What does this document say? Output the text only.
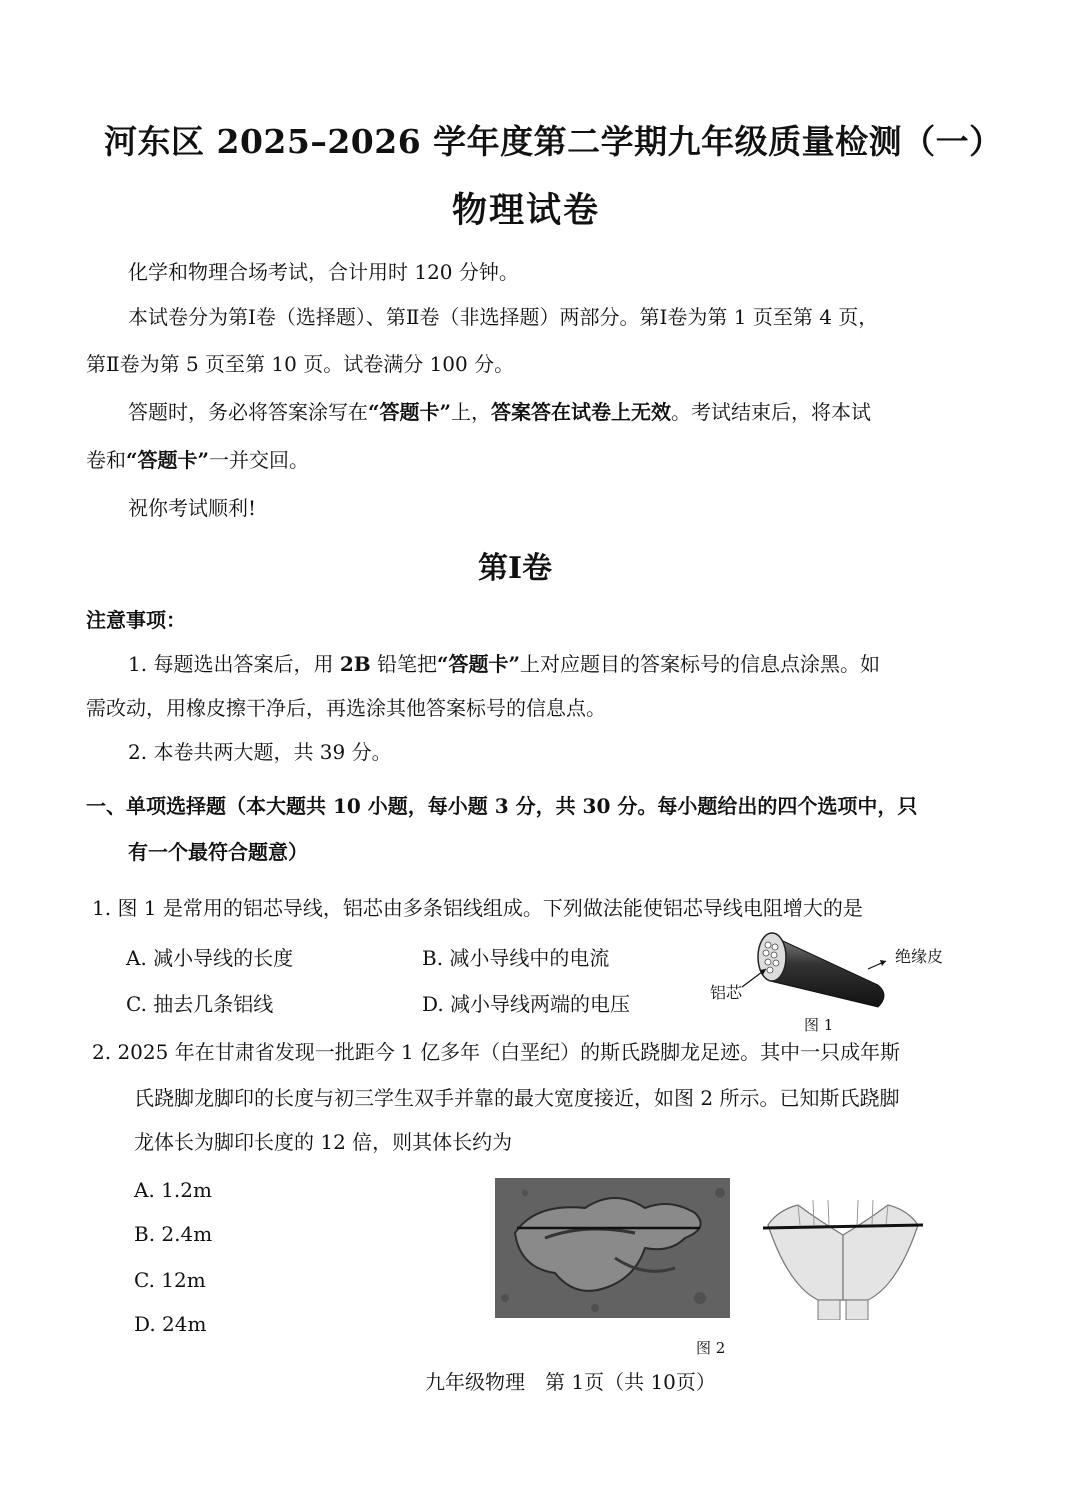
河东区 2025–2026 学年度第二学期九年级质量检测（一）
物理试卷
化学和物理合场考试，合计用时 120 分钟。
本试卷分为第Ⅰ卷（选择题）、第Ⅱ卷（非选择题）两部分。第Ⅰ卷为第 1 页至第 4 页，
第Ⅱ卷为第 5 页至第 10 页。试卷满分 100 分。
答题时，务必将答案涂写在“答题卡”上，答案答在试卷上无效。考试结束后，将本试
卷和“答题卡”一并交回。
祝你考试顺利!
第Ⅰ卷
注意事项：
1. 每题选出答案后，用 2B 铅笔把“答题卡”上对应题目的答案标号的信息点涂黑。如
需改动，用橡皮擦干净后，再选涂其他答案标号的信息点。
2. 本卷共两大题，共 39 分。
一、单项选择题（本大题共 10 小题，每小题 3 分，共 30 分。每小题给出的四个选项中，只
有一个最符合题意）
1. 图 1 是常用的铝芯导线，铝芯由多条铝线组成。下列做法能使铝芯导线电阻增大的是
A. 减小导线的长度	B. 减小导线中的电流
C. 抽去几条铝线	D. 减小导线两端的电压
绝缘皮
铝芯
图 1
2. 2025 年在甘肃省发现一批距今 1 亿多年（白垩纪）的斯氏跷脚龙足迹。其中一只成年斯
氏跷脚龙脚印的长度与初三学生双手并靠的最大宽度接近，如图 2 所示。已知斯氏跷脚
龙体长为脚印长度的 12 倍，则其体长约为
A. 1.2m
B. 2.4m
C. 12m
D. 24m
图 2
九年级物理　第 1页（共 10页）
